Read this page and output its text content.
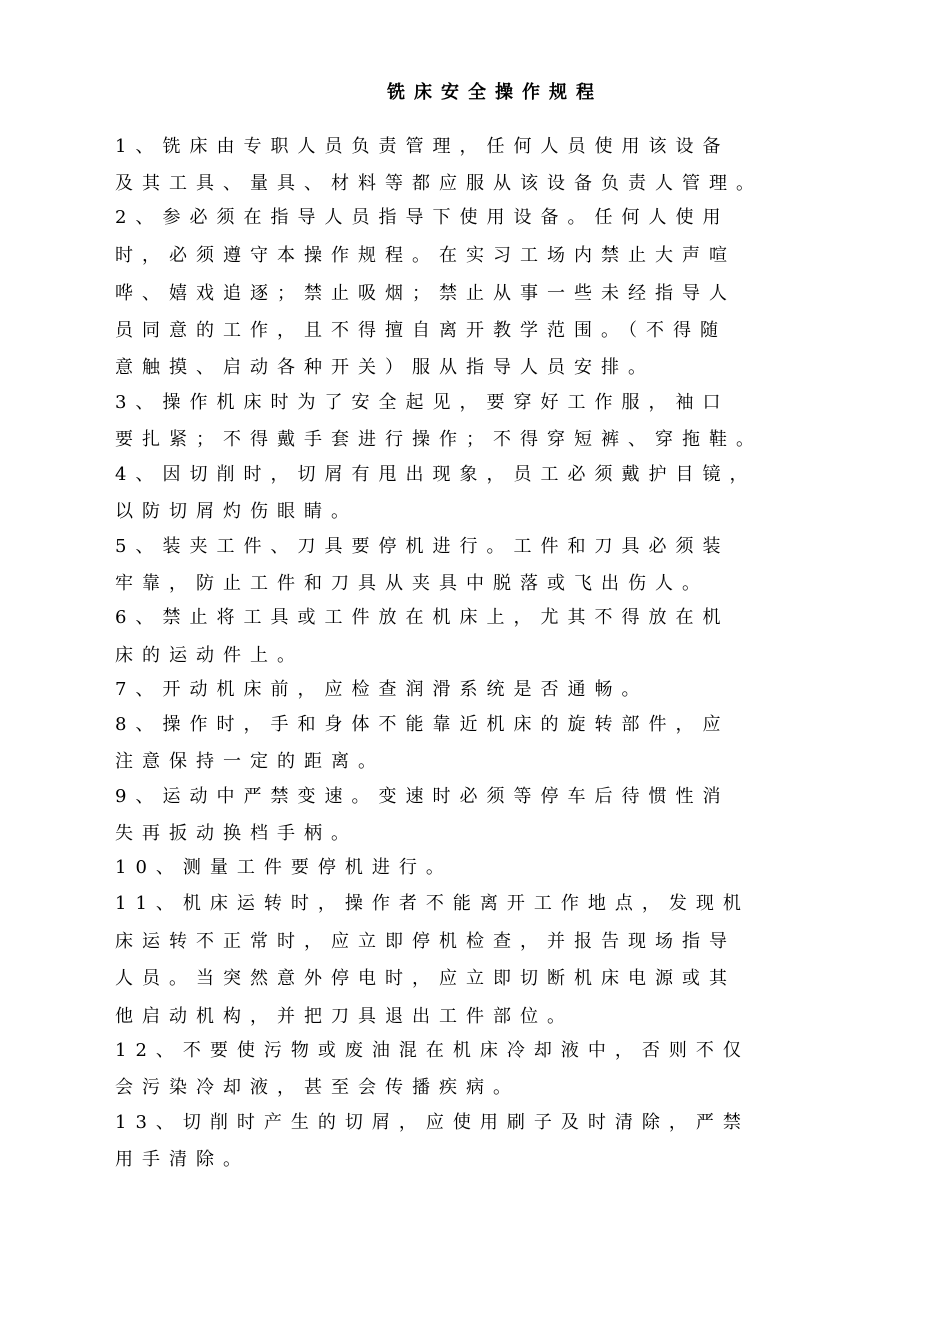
铣床安全操作规程
1、铣床由专职人员负责管理，任何人员使用该设备
及其工具、量具、材料等都应服从该设备负责人管理。
2、参必须在指导人员指导下使用设备。任何人使用
时，必须遵守本操作规程。在实习工场内禁止大声喧
哗、嬉戏追逐；禁止吸烟；禁止从事一些未经指导人
员同意的工作，且不得擅自离开教学范围。（不得随
意触摸、启动各种开关）服从指导人员安排。
3、操作机床时为了安全起见，要穿好工作服，袖口
要扎紧；不得戴手套进行操作；不得穿短裤、穿拖鞋。
4、因切削时，切屑有甩出现象，员工必须戴护目镜，
以防切屑灼伤眼睛。
5、装夹工件、刀具要停机进行。工件和刀具必须装
牢靠，防止工件和刀具从夹具中脱落或飞出伤人。
6、禁止将工具或工件放在机床上，尤其不得放在机
床的运动件上。
7、开动机床前，应检查润滑系统是否通畅。
8、操作时，手和身体不能靠近机床的旋转部件，应
注意保持一定的距离。
9、运动中严禁变速。变速时必须等停车后待惯性消
失再扳动换档手柄。
10、测量工件要停机进行。
11、机床运转时，操作者不能离开工作地点，发现机
床运转不正常时，应立即停机检查，并报告现场指导
人员。当突然意外停电时，应立即切断机床电源或其
他启动机构，并把刀具退出工件部位。
12、不要使污物或废油混在机床冷却液中，否则不仅
会污染冷却液，甚至会传播疾病。
13、切削时产生的切屑，应使用刷子及时清除，严禁
用手清除。
